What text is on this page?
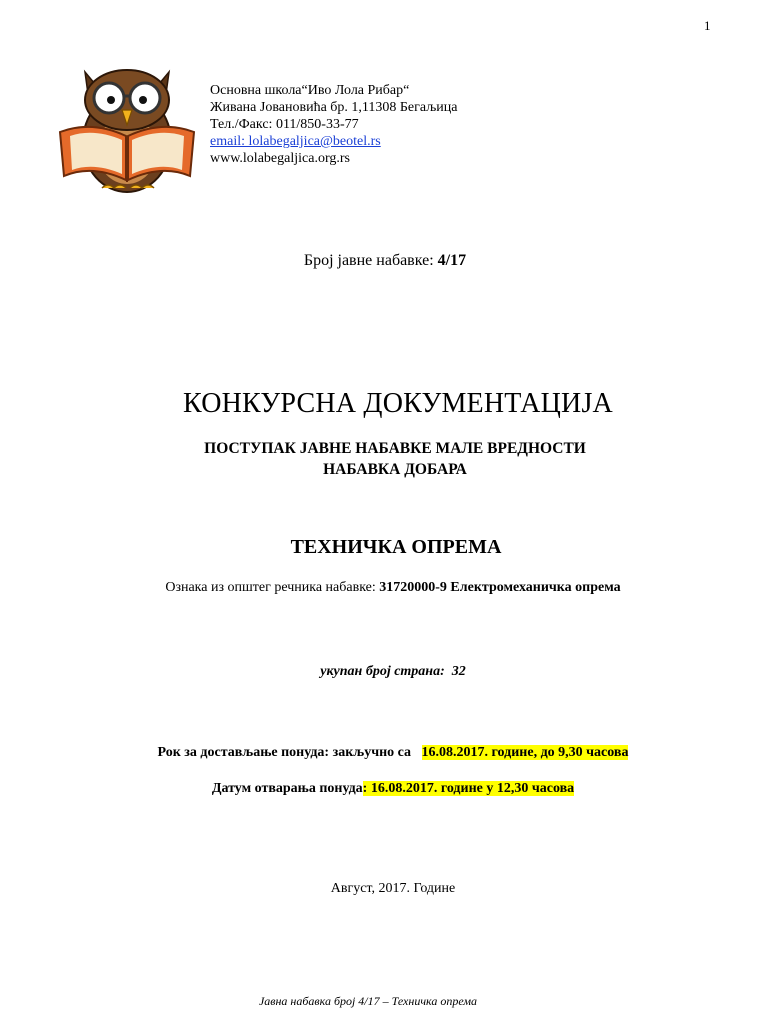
1
Основна школа“Иво Лола Рибар“
Живана Јовановића бр. 1,11308 Бегаљица
Тел./Факс: 011/850-33-77
email: lolabegaljica@beotel.rs
www.lolabegaljica.org.rs
Број јавне набавке: 4/17
КОНКУРСНА ДОКУМЕНТАЦИЈА
ПОСТУПАК ЈАВНЕ НАБАВКЕ МАЛЕ ВРЕДНОСТИ
НАБАВКА ДОБАРА
ТЕХНИЧКА ОПРЕМА
Ознака из општег речника набавке: 31720000-9 Електромеханичка опрема
укупан број страна: 32
Рок за достављање понуда: закључно са 16.08.2017. године, до 9,30 часова
Датум отварања понуда: 16.08.2017. године у 12,30 часова
Август, 2017. Године
Јавна набавка број 4/17 – Техничка опрема
